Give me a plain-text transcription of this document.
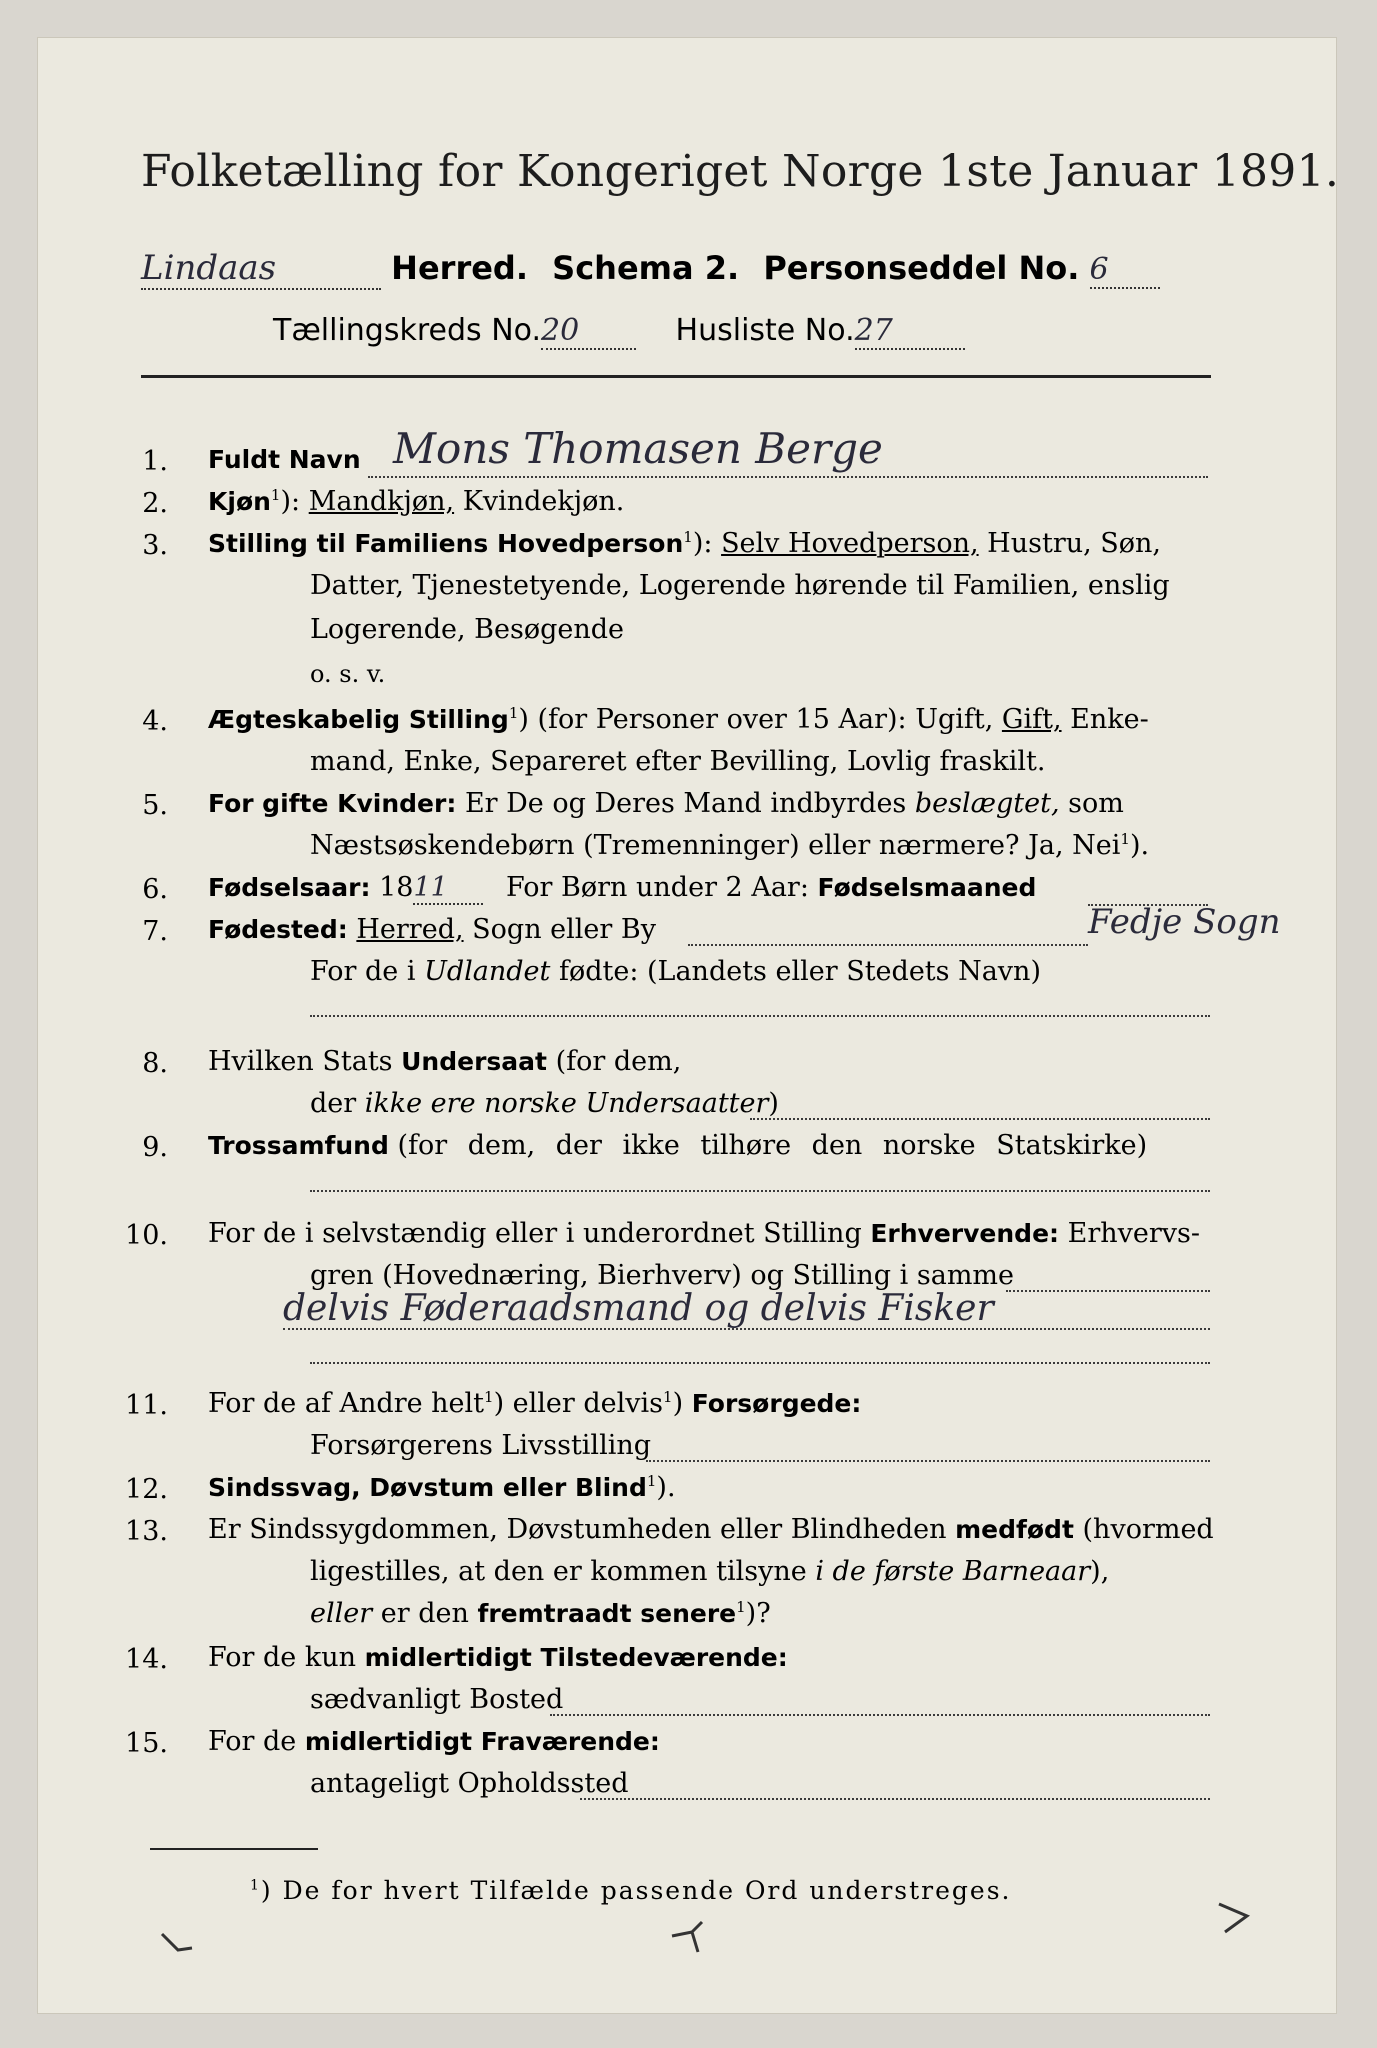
Folketælling for Kongeriget Norge 1ste Januar 1891.
Lindaas	Herred. Schema 2. Personseddel No. 6
Tællingskreds No.20	Husliste No.27
1. Fuldt Navn Mons Thomasen Berge
2. Kjøn$^1$): Mandkjøn, Kvindekjøn.
3. Stilling til Familiens Hovedperson$^1$): Selv Hovedperson, Hustru, Søn,
Datter, Tjenestetyende, Logerende hørende til Familien, enslig
Logerende, Besøgende
o. s. v.
4. Ægteskabelig Stilling$^1$) (for Personer over 15 Aar): Ugift, Gift, Enke-
mand, Enke, Separeret efter Bevilling, Lovlig fraskilt.
5. For gifte Kvinder: Er De og Deres Mand indbyrdes beslægtet, som
Næstsøskendebørn (Tremenninger) eller nærmere? Ja, Nei$^1$).
6. Fødselsaar: 1811 For Børn under 2 Aar: Fødselsmaaned
7. Fødested: Herred, Sogn eller By	Fedje Sogn
For de i Udlandet fødte: (Landets eller Stedets Navn)
8. Hvilken Stats Undersaat (for dem,
der ikke ere norske Undersaatter)
9. Trossamfund (for dem, der ikke tilhøre den norske Statskirke)
10. For de i selvstændig eller i underordnet Stilling Erhvervende: Erhvervs-
gren (Hovednæring, Bierhverv) og Stilling i samme
delvis Føderaadsmand og delvis Fisker
11. For de af Andre helt$^1$) eller delvis$^1$) Forsørgede:
Forsørgerens Livsstilling
12. Sindssvag, Døvstum eller Blind$^1$).
13. Er Sindssygdommen, Døvstumheden eller Blindheden medfødt (hvormed
ligestilles, at den er kommen tilsyne i de første Barneaar),
eller er den fremtraadt senere$^1$)?
14. For de kun midlertidigt Tilstedeværende:
sædvanligt Bosted
15. For de midlertidigt Fraværende:
antageligt Opholdssted
$^1$) De for hvert Tilfælde passende Ord understreges.
